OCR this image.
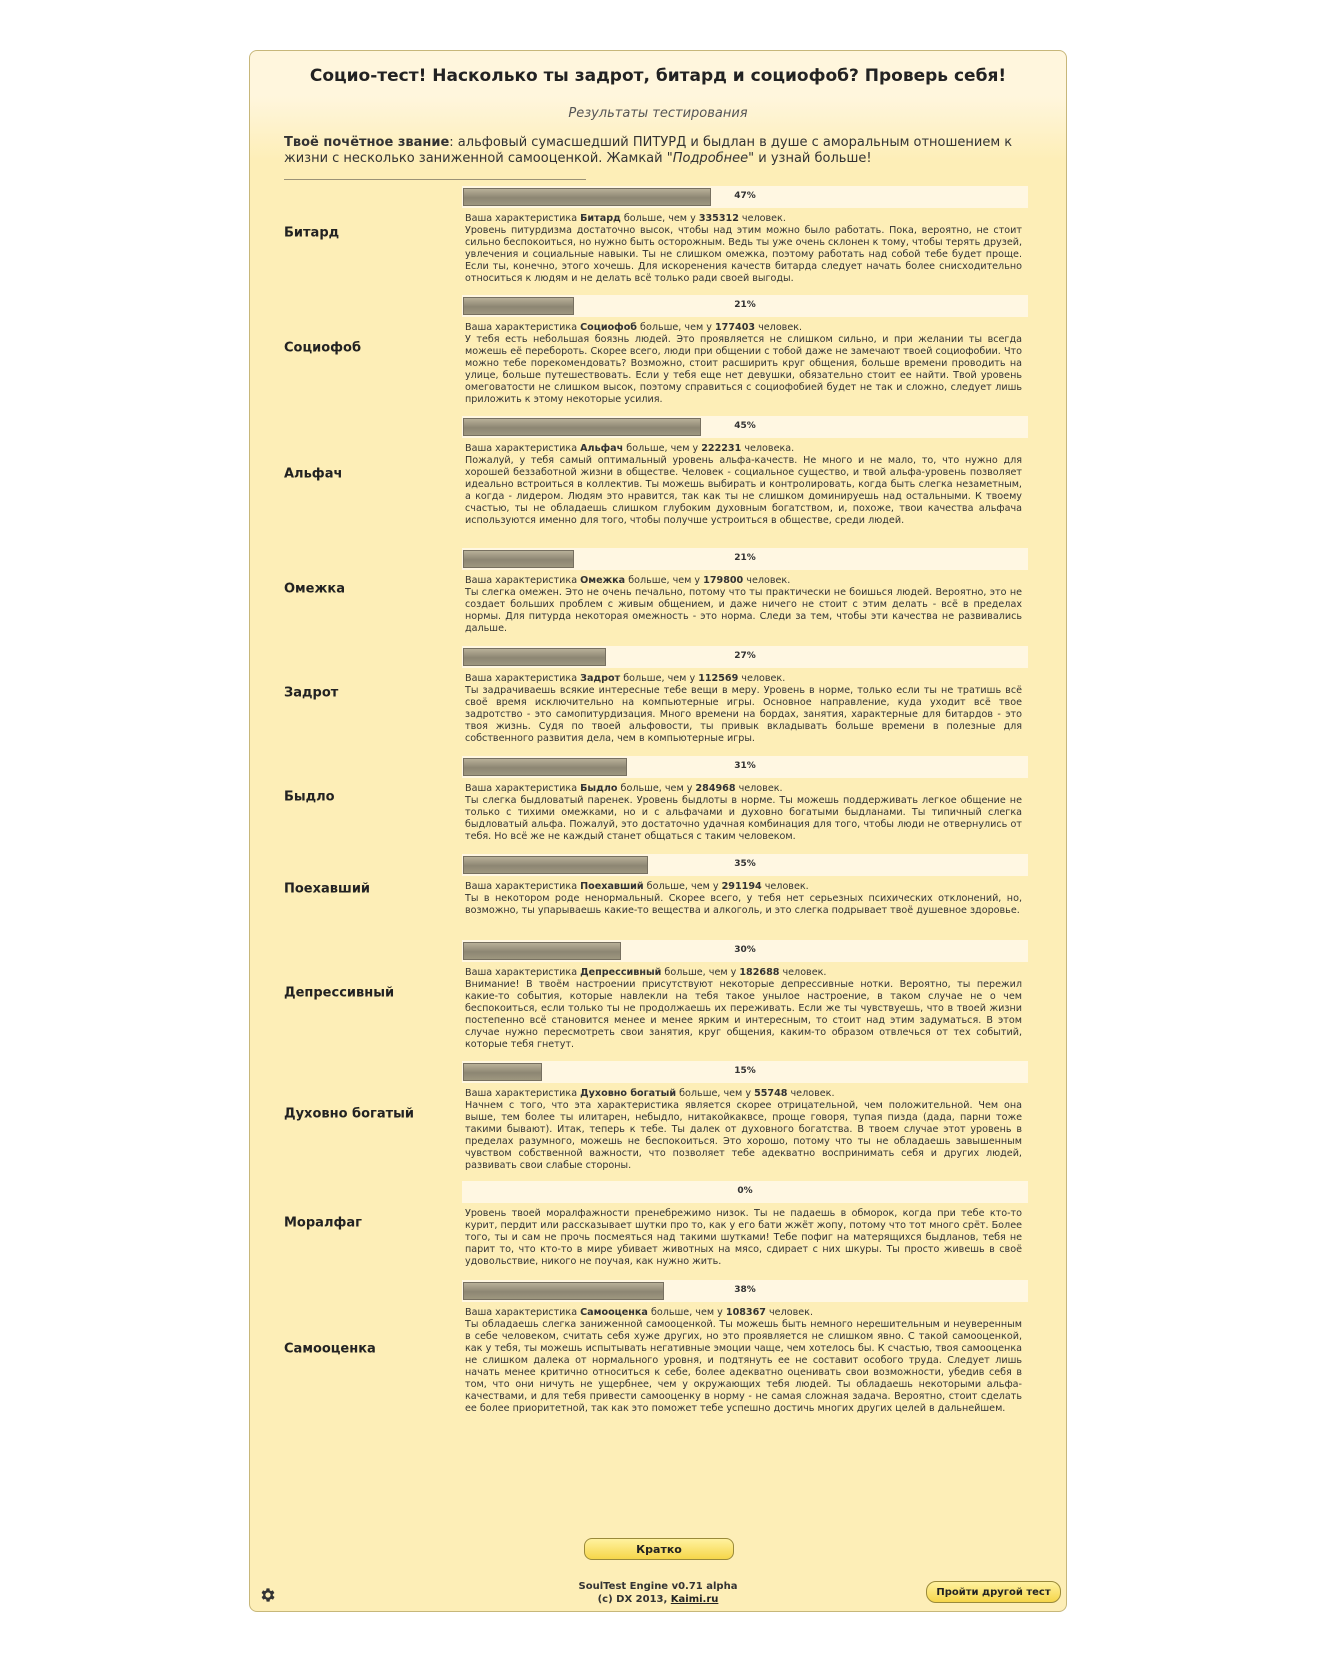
Социо-тест! Насколько ты задрот, битард и социофоб? Проверь себя!
Результаты тестирования
Твоё почётное звание: альфовый сумасшедший ПИТУРД и быдлан в душе с аморальным отношением к жизни с несколько заниженной самооценкой. Жамкай "Подробнее" и узнай больше!
Битард
47%
Ваша характеристика Битард больше, чем у 335312 человек.
Уровень питурдизма достаточно высок, чтобы над этим можно было работать. Пока, вероятно, не стоит сильно беспокоиться, но нужно быть осторожным. Ведь ты уже очень склонен к тому, чтобы терять друзей, увлечения и социальные навыки. Ты не слишком омежка, поэтому работать над собой тебе будет проще. Если ты, конечно, этого хочешь. Для искоренения качеств битарда следует начать более снисходительно относиться к людям и не делать всё только ради своей выгоды.
Социофоб
21%
Ваша характеристика Социофоб больше, чем у 177403 человек.
У тебя есть небольшая боязнь людей. Это проявляется не слишком сильно, и при желании ты всегда можешь её перебороть. Скорее всего, люди при общении с тобой даже не замечают твоей социофобии. Что можно тебе порекомендовать? Возможно, стоит расширить круг общения, больше времени проводить на улице, больше путешествовать. Если у тебя еще нет девушки, обязательно стоит ее найти. Твой уровень омеговатости не слишком высок, поэтому справиться с социофобией будет не так и сложно, следует лишь приложить к этому некоторые усилия.
Альфач
45%
Ваша характеристика Альфач больше, чем у 222231 человека.
Пожалуй, у тебя самый оптимальный уровень альфа-качеств. Не много и не мало, то, что нужно для хорошей беззаботной жизни в обществе. Человек - социальное существо, и твой альфа-уровень позволяет идеально встроиться в коллектив. Ты можешь выбирать и контролировать, когда быть слегка незаметным, а когда - лидером. Людям это нравится, так как ты не слишком доминируешь над остальными. К твоему счастью, ты не обладаешь слишком глубоким духовным богатством, и, похоже, твои качества альфача используются именно для того, чтобы получше устроиться в обществе, среди людей.
Омежка
21%
Ваша характеристика Омежка больше, чем у 179800 человек.
Ты слегка омежен. Это не очень печально, потому что ты практически не боишься людей. Вероятно, это не создает больших проблем с живым общением, и даже ничего не стоит с этим делать - всё в пределах нормы. Для питурда некоторая омежность - это норма. Следи за тем, чтобы эти качества не развивались дальше.
Задрот
27%
Ваша характеристика Задрот больше, чем у 112569 человек.
Ты задрачиваешь всякие интересные тебе вещи в меру. Уровень в норме, только если ты не тратишь всё своё время исключительно на компьютерные игры. Основное направление, куда уходит всё твое задротство - это самопитурдизация. Много времени на бордах, занятия, характерные для битардов - это твоя жизнь. Судя по твоей альфовости, ты привык вкладывать больше времени в полезные для собственного развития дела, чем в компьютерные игры.
Быдло
31%
Ваша характеристика Быдло больше, чем у 284968 человек.
Ты слегка быдловатый паренек. Уровень быдлоты в норме. Ты можешь поддерживать легкое общение не только с тихими омежками, но и с альфачами и духовно богатыми быдланами. Ты типичный слегка быдловатый альфа. Пожалуй, это достаточно удачная комбинация для того, чтобы люди не отвернулись от тебя. Но всё же не каждый станет общаться с таким человеком.
Поехавший
35%
Ваша характеристика Поехавший больше, чем у 291194 человек.
Ты в некотором роде ненормальный. Скорее всего, у тебя нет серьезных психических отклонений, но, возможно, ты упарываешь какие-то вещества и алкоголь, и это слегка подрывает твоё душевное здоровье.
Депрессивный
30%
Ваша характеристика Депрессивный больше, чем у 182688 человек.
Внимание! В твоём настроении присутствуют некоторые депрессивные нотки. Вероятно, ты пережил какие-то события, которые навлекли на тебя такое унылое настроение, в таком случае не о чем беспокоиться, если только ты не продолжаешь их переживать. Если же ты чувствуешь, что в твоей жизни постепенно всё становится менее и менее ярким и интересным, то стоит над этим задуматься. В этом случае нужно пересмотреть свои занятия, круг общения, каким-то образом отвлечься от тех событий, которые тебя гнетут.
Духовно богатый
15%
Ваша характеристика Духовно богатый больше, чем у 55748 человек.
Начнем с того, что эта характеристика является скорее отрицательной, чем положительной. Чем она выше, тем более ты илитарен, небыдло, нитакойкаквсе, проще говоря, тупая пизда (дада, парни тоже такими бывают). Итак, теперь к тебе. Ты далек от духовного богатства. В твоем случае этот уровень в пределах разумного, можешь не беспокоиться. Это хорошо, потому что ты не обладаешь завышенным чувством собственной важности, что позволяет тебе адекватно воспринимать себя и других людей, развивать свои слабые стороны.
Моралфаг
0%
Уровень твоей моралфажности пренебрежимо низок. Ты не падаешь в обморок, когда при тебе кто-то курит, пердит или рассказывает шутки про то, как у его бати жжёт жопу, потому что тот много срёт. Более того, ты и сам не прочь посмеяться над такими шутками! Тебе пофиг на матерящихся быдланов, тебя не парит то, что кто-то в мире убивает животных на мясо, сдирает с них шкуры. Ты просто живешь в своё удовольствие, никого не поучая, как нужно жить.
Самооценка
38%
Ваша характеристика Самооценка больше, чем у 108367 человек.
Ты обладаешь слегка заниженной самооценкой. Ты можешь быть немного нерешительным и неуверенным в себе человеком, считать себя хуже других, но это проявляется не слишком явно. С такой самооценкой, как у тебя, ты можешь испытывать негативные эмоции чаще, чем хотелось бы. К счастью, твоя самооценка не слишком далека от нормального уровня, и подтянуть ее не составит особого труда. Следует лишь начать менее критично относиться к себе, более адекватно оценивать свои возможности, убедив себя в том, что они ничуть не ущербнее, чем у окружающих тебя людей. Ты обладаешь некоторыми альфа-качествами, и для тебя привести самооценку в норму - не самая сложная задача. Вероятно, стоит сделать ее более приоритетной, так как это поможет тебе успешно достичь многих других целей в дальнейшем.
Кратко
SoulTest Engine v0.71 alpha
(c) DX 2013, Kaimi.ru
Пройти другой тест
